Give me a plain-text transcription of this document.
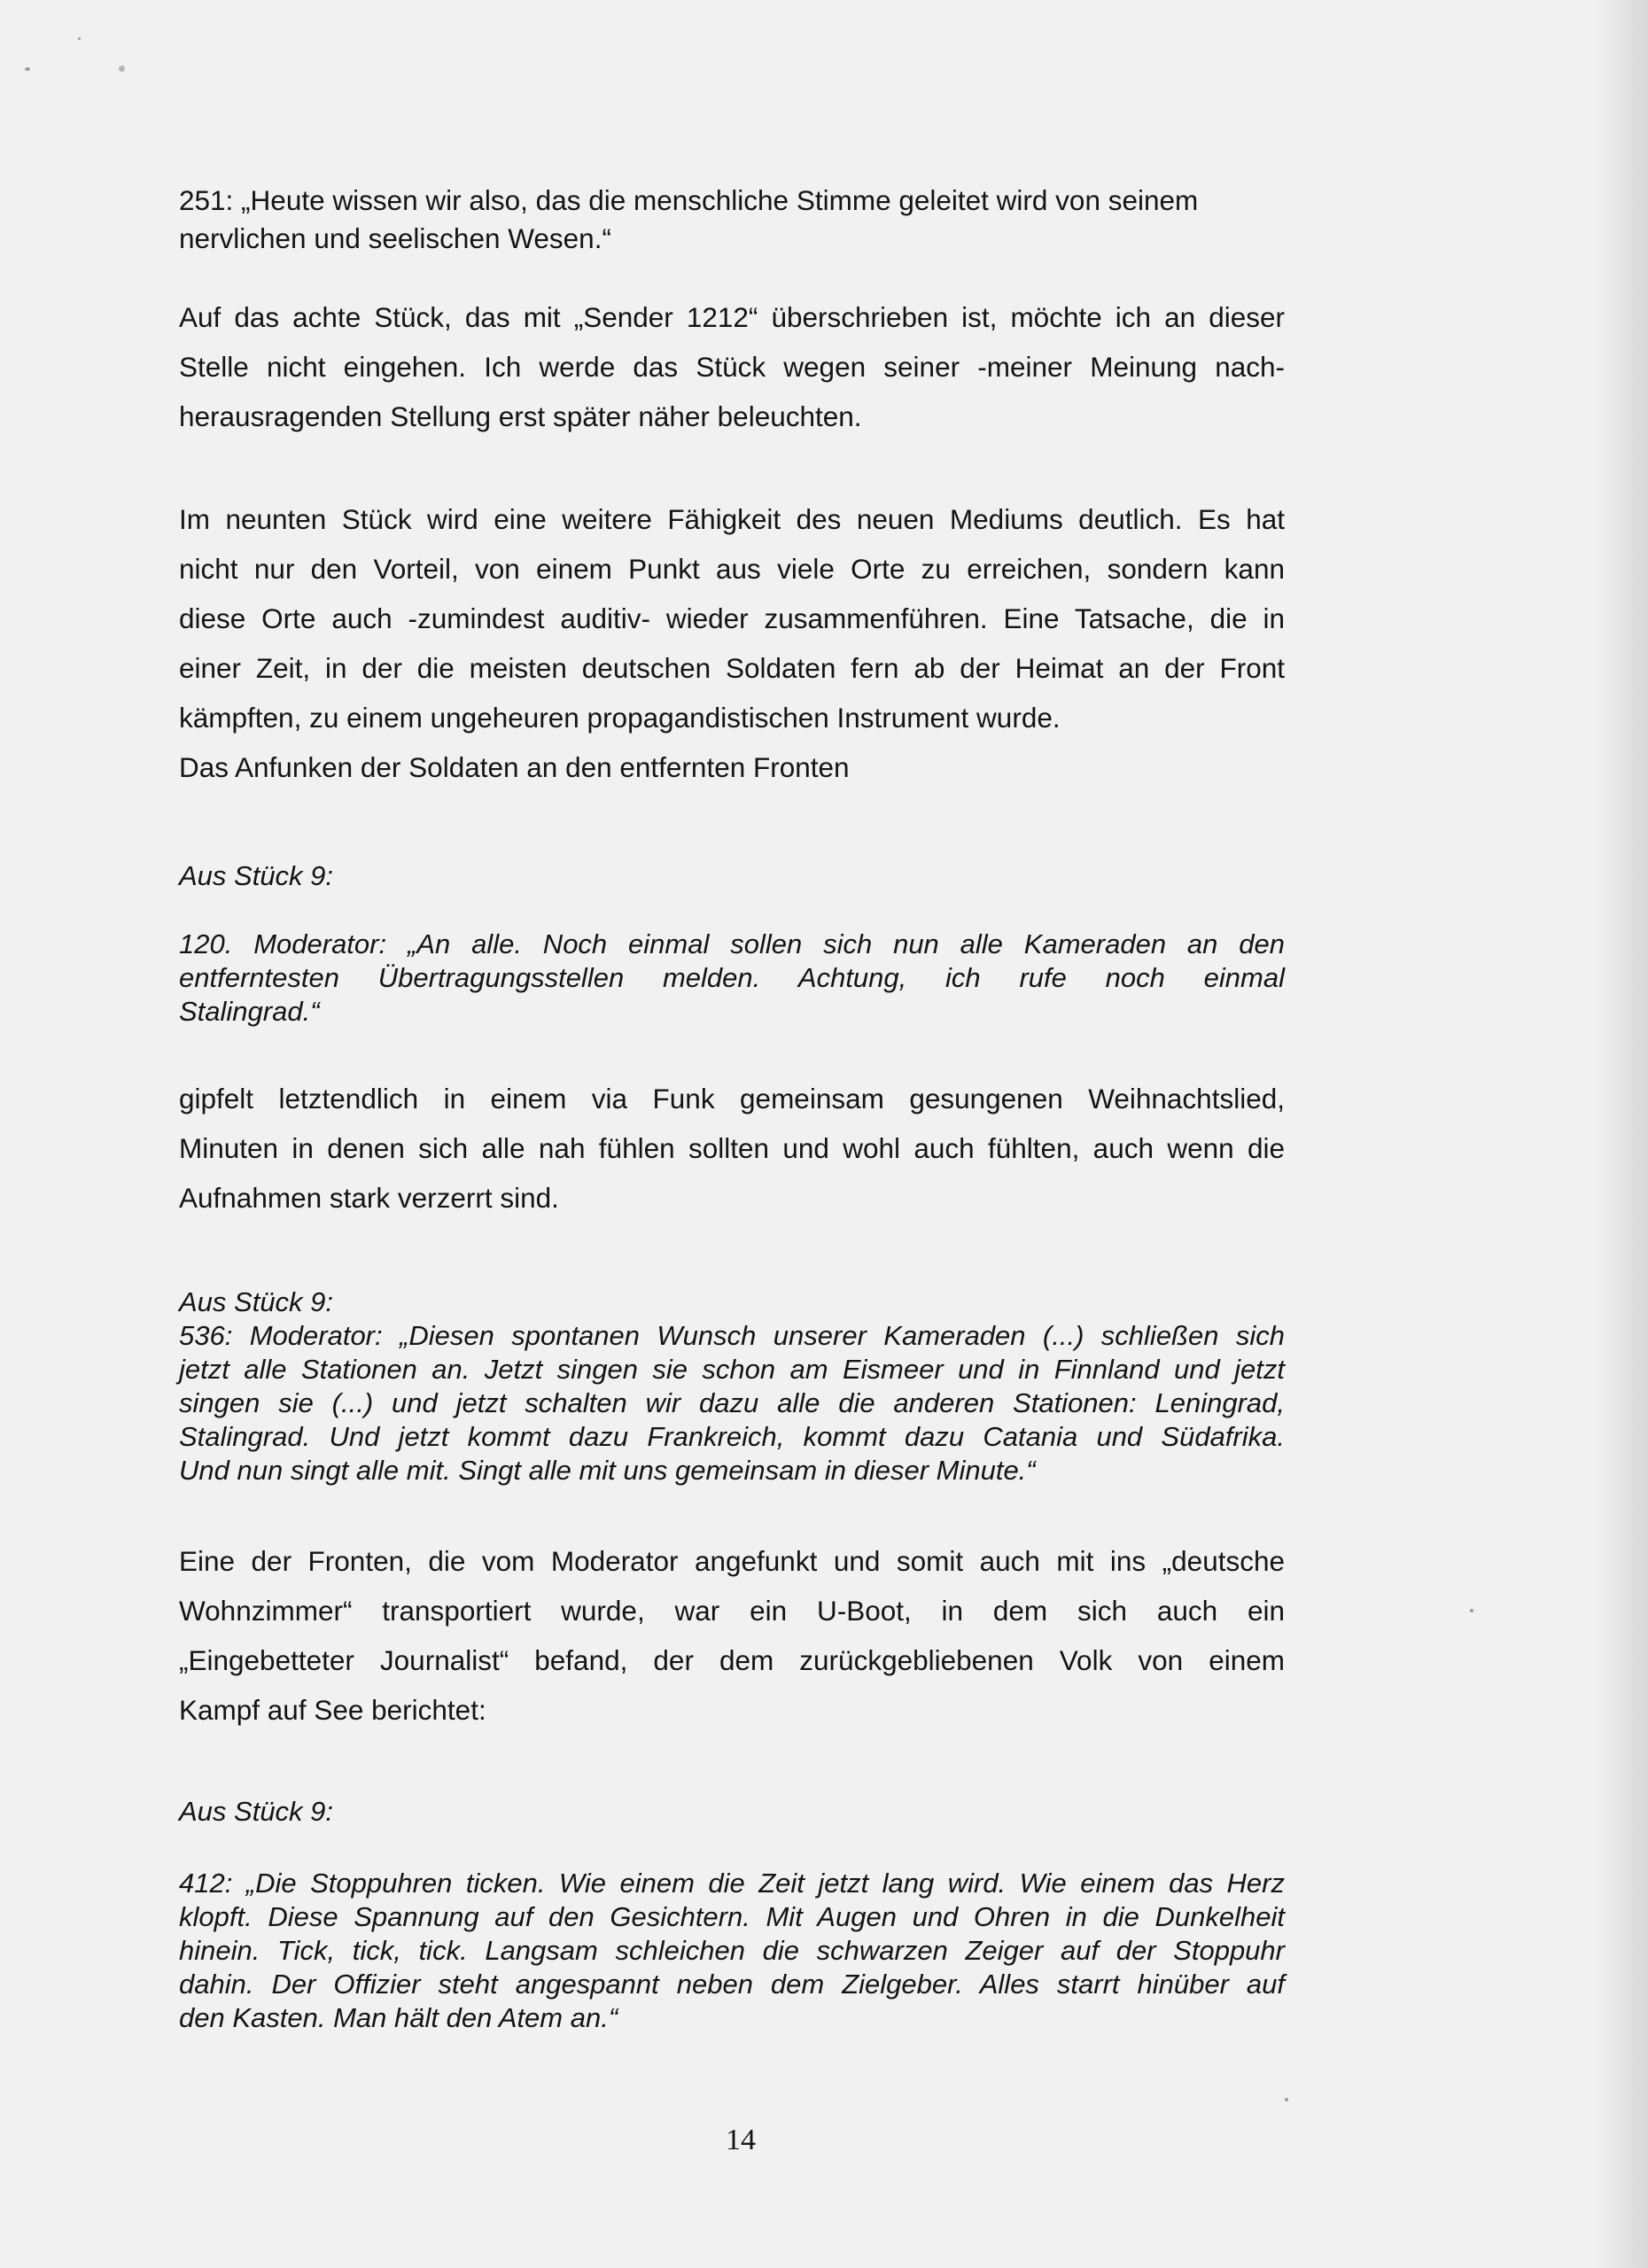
251: „Heute wissen wir also, das die menschliche Stimme geleitet wird von seinem
nervlichen und seelischen Wesen.“
Auf das achte Stück, das mit „Sender 1212“ überschrieben ist, möchte ich an dieser
Stelle nicht eingehen. Ich werde das Stück wegen seiner -meiner Meinung nach-
herausragenden Stellung erst später näher beleuchten.
Im neunten Stück wird eine weitere Fähigkeit des neuen Mediums deutlich. Es hat
nicht nur den Vorteil, von einem Punkt aus viele Orte zu erreichen, sondern kann
diese Orte auch -zumindest auditiv- wieder zusammenführen. Eine Tatsache, die in
einer Zeit, in der die meisten deutschen Soldaten fern ab der Heimat an der Front
kämpften, zu einem ungeheuren propagandistischen Instrument wurde.
Das Anfunken der Soldaten an den entfernten Fronten
Aus Stück 9:
120. Moderator: „An alle. Noch einmal sollen sich nun alle Kameraden an den
entferntesten Übertragungsstellen melden. Achtung, ich rufe noch einmal
Stalingrad.“
gipfelt letztendlich in einem via Funk gemeinsam gesungenen Weihnachtslied,
Minuten in denen sich alle nah fühlen sollten und wohl auch fühlten, auch wenn die
Aufnahmen stark verzerrt sind.
Aus Stück 9:
536: Moderator: „Diesen spontanen Wunsch unserer Kameraden (...) schließen sich
jetzt alle Stationen an. Jetzt singen sie schon am Eismeer und in Finnland und jetzt
singen sie (...) und jetzt schalten wir dazu alle die anderen Stationen: Leningrad,
Stalingrad. Und jetzt kommt dazu Frankreich, kommt dazu Catania und Südafrika.
Und nun singt alle mit. Singt alle mit uns gemeinsam in dieser Minute.“
Eine der Fronten, die vom Moderator angefunkt und somit auch mit ins „deutsche
Wohnzimmer“ transportiert wurde, war ein U-Boot, in dem sich auch ein
„Eingebetteter Journalist“ befand, der dem zurückgebliebenen Volk von einem
Kampf auf See berichtet:
Aus Stück 9:
412: „Die Stoppuhren ticken. Wie einem die Zeit jetzt lang wird. Wie einem das Herz
klopft. Diese Spannung auf den Gesichtern. Mit Augen und Ohren in die Dunkelheit
hinein. Tick, tick, tick. Langsam schleichen die schwarzen Zeiger auf der Stoppuhr
dahin. Der Offizier steht angespannt neben dem Zielgeber. Alles starrt hinüber auf
den Kasten. Man hält den Atem an.“
14
